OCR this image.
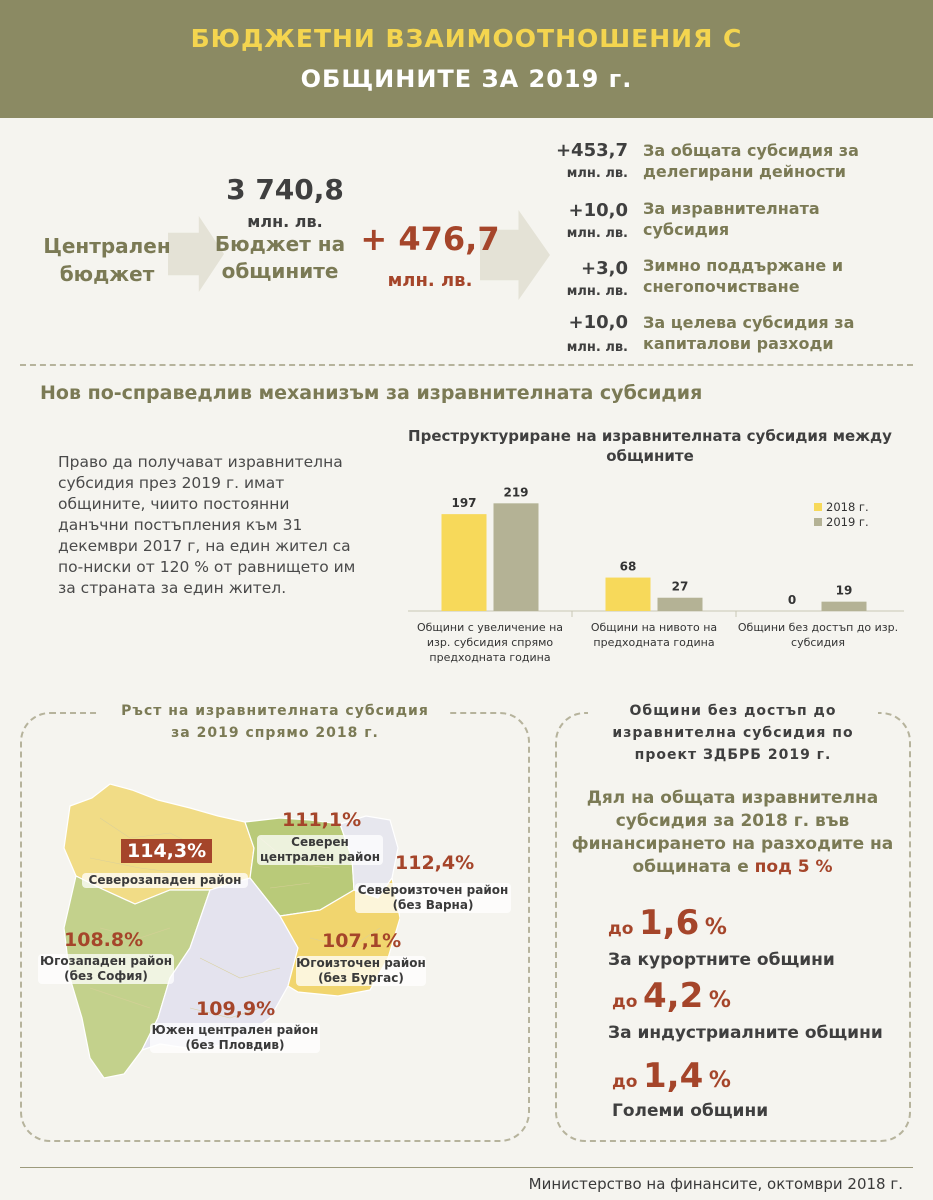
БЮДЖЕТНИ ВЗАИМООТНОШЕНИЯ С
ОБЩИНИТЕ ЗА 2019 г.
Централен бюджет
3 740,8
млн. лв.
Бюджет на общините
+ 476,7
млн. лв.
+453,7
млн. лв.
За общата субсидия за делегирани дейности
+10,0
млн. лв.
За изравнителната субсидия
+3,0
млн. лв.
Зимно поддържане и снегопочистване
+10,0
млн. лв.
За целева субсидия за капиталови разходи
Нов по-справедлив механизъм за изравнителната субсидия
Право да получават изравнителна субсидия през 2019 г. имат общините, чиито постоянни данъчни постъпления към 31 декември 2017 г, на един жител са по-ниски от 120 % от равнището им за страната за един жител.
Преструктуриране на изравнителната субсидия между общините
197
219
Общини с увеличение на
изр. субсидия спрямо
предходната година
68
27
Общини на нивото на
предходната година
0
19
Общини без достъп до изр.
субсидия
2018 г.
2019 г.
Ръст на изравнителната субсидия
за 2019 спрямо 2018 г.
114,3%
Северозападен район
111,1%
Северен
централен район 112,4%
Североизточен район
(без Варна)
108.8%
Югозападен район
(без София)
107,1%
Югоизточен район
(без Бургас)
109,9%
Южен централен район
(без Пловдив)
Общини без достъп до
изравнителна субсидия по
проект ЗДБРБ 2019 г.
Дял на общата изравнителна субсидия за 2018 г. във финансирането на разходите на общината е под 5 %
до 1,6 %
За курортните общини
до 4,2 %
За индустриалните общини
до 1,4 %
Големи общини
Министерство на финансите, октомври 2018 г.
